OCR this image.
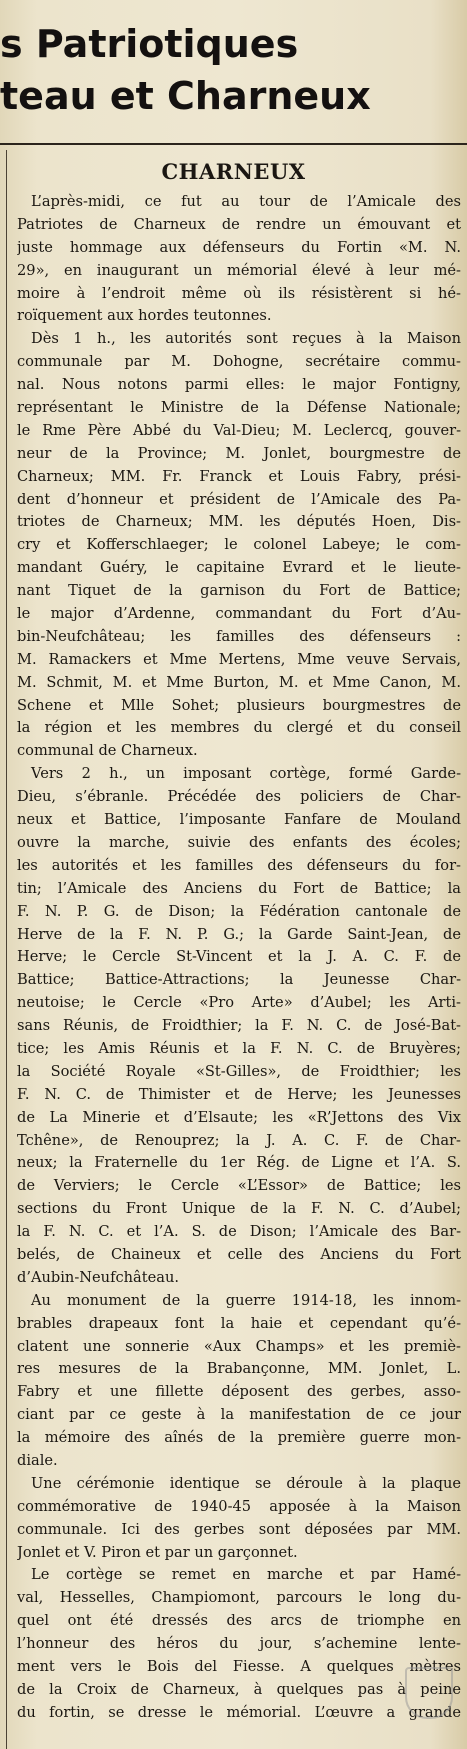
s Patriotiques
teau et Charneux
CHARNEUX
L’après-midi, ce fut au tour de l’Amicale des
Patriotes de Charneux de rendre un émouvant et
juste hommage aux défenseurs du Fortin «M. N.
29», en inaugurant un mémorial élevé à leur mé-
moire à l’endroit même où ils résistèrent si hé-
roïquement aux hordes teutonnes.
Dès 1 h., les autorités sont reçues à la Maison
communale par M. Dohogne, secrétaire commu-
nal. Nous notons parmi elles: le major Fontigny,
représentant le Ministre de la Défense Nationale;
le Rme Père Abbé du Val-Dieu; M. Leclercq, gouver-
neur de la Province; M. Jonlet, bourgmestre de
Charneux; MM. Fr. Franck et Louis Fabry, prési-
dent d’honneur et président de l’Amicale des Pa-
triotes de Charneux; MM. les députés Hoen, Dis-
cry et Kofferschlaeger; le colonel Labeye; le com-
mandant Guéry, le capitaine Evrard et le lieute-
nant Tiquet de la garnison du Fort de Battice;
le major d’Ardenne, commandant du Fort d’Au-
bin-Neufchâteau; les familles des défenseurs :
M. Ramackers et Mme Mertens, Mme veuve Servais,
M. Schmit, M. et Mme Burton, M. et Mme Canon, M.
Schene et Mlle Sohet; plusieurs bourgmestres de
la région et les membres du clergé et du conseil
communal de Charneux.
Vers 2 h., un imposant cortège, formé Garde-
Dieu, s’ébranle. Précédée des policiers de Char-
neux et Battice, l’imposante Fanfare de Mouland
ouvre la marche, suivie des enfants des écoles;
les autorités et les familles des défenseurs du for-
tin; l’Amicale des Anciens du Fort de Battice; la
F. N. P. G. de Dison; la Fédération cantonale de
Herve de la F. N. P. G.; la Garde Saint-Jean, de
Herve; le Cercle St-Vincent et la J. A. C. F. de
Battice; Battice-Attractions; la Jeunesse Char-
neutoise; le Cercle «Pro Arte» d’Aubel; les Arti-
sans Réunis, de Froidthier; la F. N. C. de José-Bat-
tice; les Amis Réunis et la F. N. C. de Bruyères;
la Société Royale «St-Gilles», de Froidthier; les
F. N. C. de Thimister et de Herve; les Jeunesses
de La Minerie et d’Elsaute; les «R’Jettons des Vix
Tchêne», de Renouprez; la J. A. C. F. de Char-
neux; la Fraternelle du 1er Rég. de Ligne et l’A. S.
de Verviers; le Cercle «L’Essor» de Battice; les
sections du Front Unique de la F. N. C. d’Aubel;
la F. N. C. et l’A. S. de Dison; l’Amicale des Bar-
belés, de Chaineux et celle des Anciens du Fort
d’Aubin-Neufchâteau.
Au monument de la guerre 1914-18, les innom-
brables drapeaux font la haie et cependant qu’é-
clatent une sonnerie «Aux Champs» et les premiè-
res mesures de la Brabançonne, MM. Jonlet, L.
Fabry et une fillette déposent des gerbes, asso-
ciant par ce geste à la manifestation de ce jour
la mémoire des aînés de la première guerre mon-
diale.
Une cérémonie identique se déroule à la plaque
commémorative de 1940-45 apposée à la Maison
communale. Ici des gerbes sont déposées par MM.
Jonlet et V. Piron et par un garçonnet.
Le cortège se remet en marche et par Hamé-
val, Hesselles, Champiomont, parcours le long du-
quel ont été dressés des arcs de triomphe en
l’honneur des héros du jour, s’achemine lente-
ment vers le Bois del Fiesse. A quelques mètres
de la Croix de Charneux, à quelques pas à peine
du fortin, se dresse le mémorial. L’œuvre a grande
